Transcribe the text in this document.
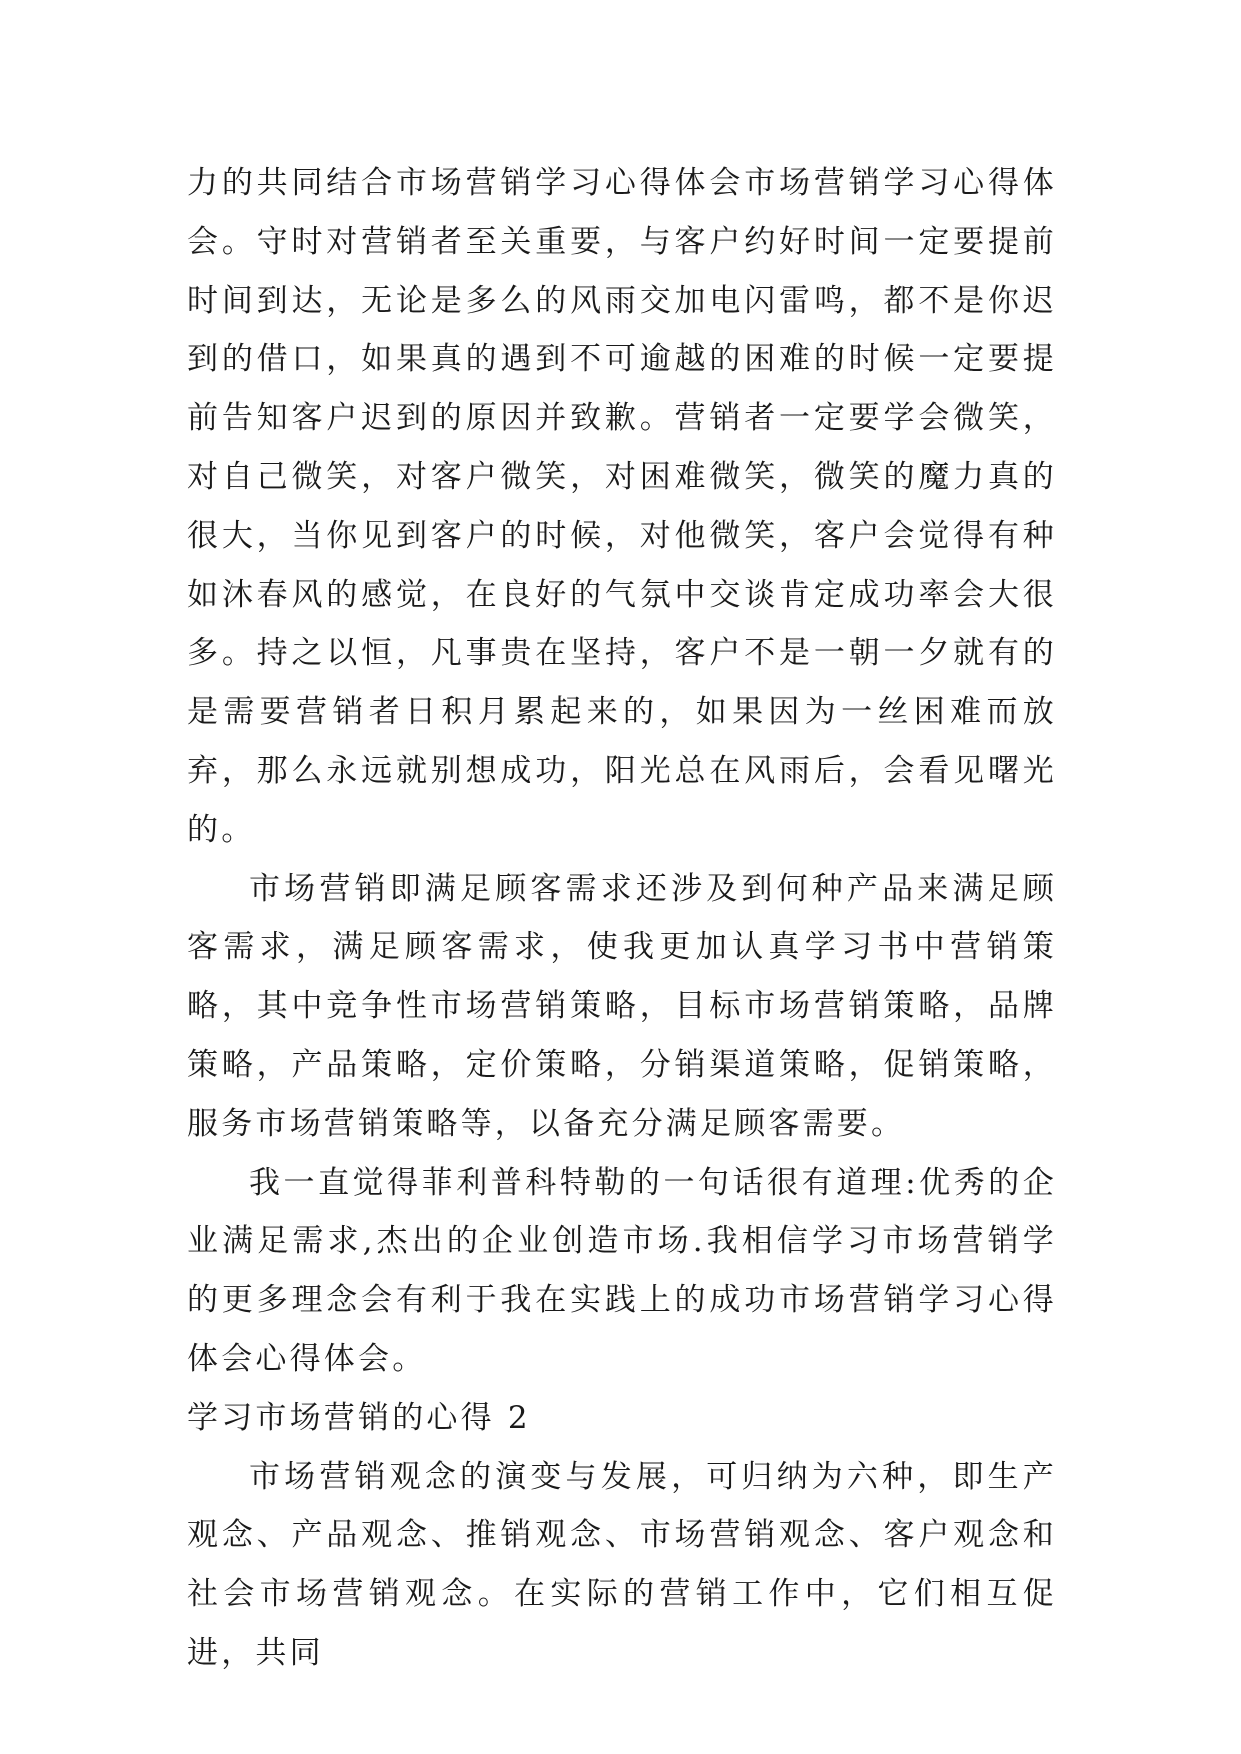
力的共同结合市场营销学习心得体会市场营销学习心得体会。守时对营销者至关重要，与客户约好时间一定要提前时间到达，无论是多么的风雨交加电闪雷鸣，都不是你迟到的借口，如果真的遇到不可逾越的困难的时候一定要提前告知客户迟到的原因并致歉。营销者一定要学会微笑，对自己微笑，对客户微笑，对困难微笑，微笑的魔力真的很大，当你见到客户的时候，对他微笑，客户会觉得有种如沐春风的感觉，在良好的气氛中交谈肯定成功率会大很多。持之以恒，凡事贵在坚持，客户不是一朝一夕就有的是需要营销者日积月累起来的，如果因为一丝困难而放弃，那么永远就别想成功，阳光总在风雨后，会看见曙光的。

市场营销即满足顾客需求还涉及到何种产品来满足顾客需求，满足顾客需求，使我更加认真学习书中营销策略，其中竞争性市场营销策略，目标市场营销策略，品牌策略，产品策略，定价策略，分销渠道策略，促销策略，服务市场营销策略等，以备充分满足顾客需要。

我一直觉得菲利普科特勒的一句话很有道理:优秀的企业满足需求,杰出的企业创造市场.我相信学习市场营销学的更多理念会有利于我在实践上的成功市场营销学习心得体会心得体会。

学习市场营销的心得 2

市场营销观念的演变与发展，可归纳为六种，即生产观念、产品观念、推销观念、市场营销观念、客户观念和社会市场营销观念。在实际的营销工作中，它们相互促进，共同
